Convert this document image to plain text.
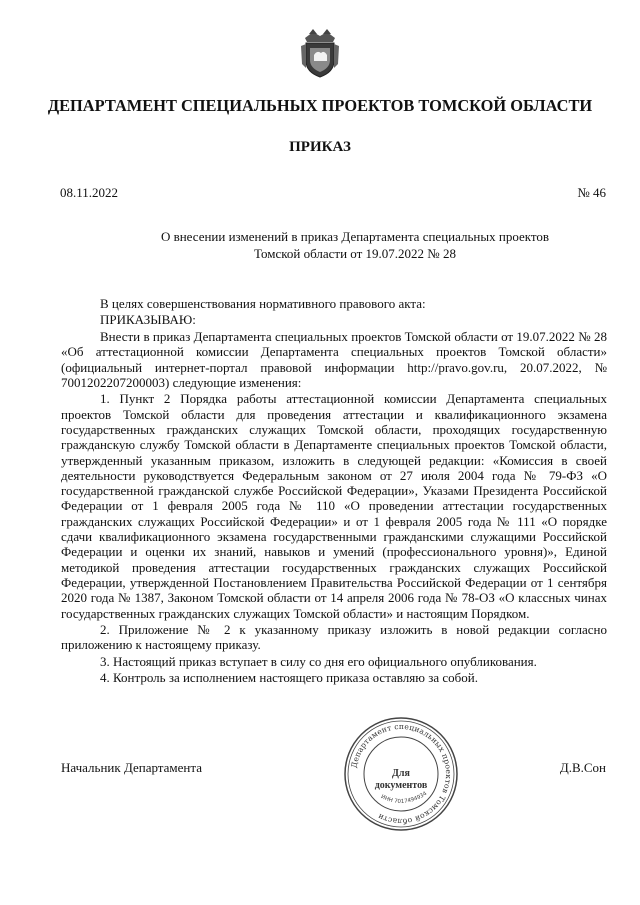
ДЕПАРТАМЕНТ СПЕЦИАЛЬНЫХ ПРОЕКТОВ ТОМСКОЙ ОБЛАСТИ
ПРИКАЗ
08.11.2022	№ 46
О внесении изменений в приказ Департамента специальных проектов
Томской области от 19.07.2022 № 28

В целях совершенствования нормативного правового акта:

ПРИКАЗЫВАЮ:

Внести в приказ Департамента специальных проектов Томской области от 19.07.2022 № 28 «Об аттестационной комиссии Департамента специальных проектов Томской области» (официальный интернет-портал правовой информации http://pravo.gov.ru, 20.07.2022, № 7001202207200003) следующие изменения:

1. Пункт 2 Порядка работы аттестационной комиссии Департамента специальных проектов Томской области для проведения аттестации и квалификационного экзамена государственных гражданских служащих Томской области, проходящих государственную гражданскую службу Томской области в Департаменте специальных проектов Томской области, утвержденный указанным приказом, изложить в следующей редакции: «Комиссия в своей деятельности руководствуется Федеральным законом от 27 июля 2004 года № 79-ФЗ «О государственной гражданской службе Российской Федерации», Указами Президента Российской Федерации от 1 февраля 2005 года № 110 «О проведении аттестации государственных гражданских служащих Российской Федерации» и от 1 февраля 2005 года № 111 «О порядке сдачи квалификационного экзамена государственными гражданскими служащими Российской Федерации и оценки их знаний, навыков и умений (профессионального уровня)», Единой методикой проведения аттестации государственных гражданских служащих Российской Федерации, утвержденной Постановлением Правительства Российской Федерации от 1 сентября 2020 года № 1387, Законом Томской области от 14 апреля 2006 года № 78-ОЗ «О классных чинах государственных гражданских служащих Томской области» и настоящим Порядком.

2. Приложение № 2 к указанному приказу изложить в новой редакции согласно приложению к настоящему приказу.

3. Настоящий приказ вступает в силу со дня его официального опубликования.

4. Контроль за исполнением настоящего приказа оставляю за собой.

Начальник Департамента	Д.В.Сон
Департамент специальных проектов Томской области
Для
документов
ИНН 7017494934
